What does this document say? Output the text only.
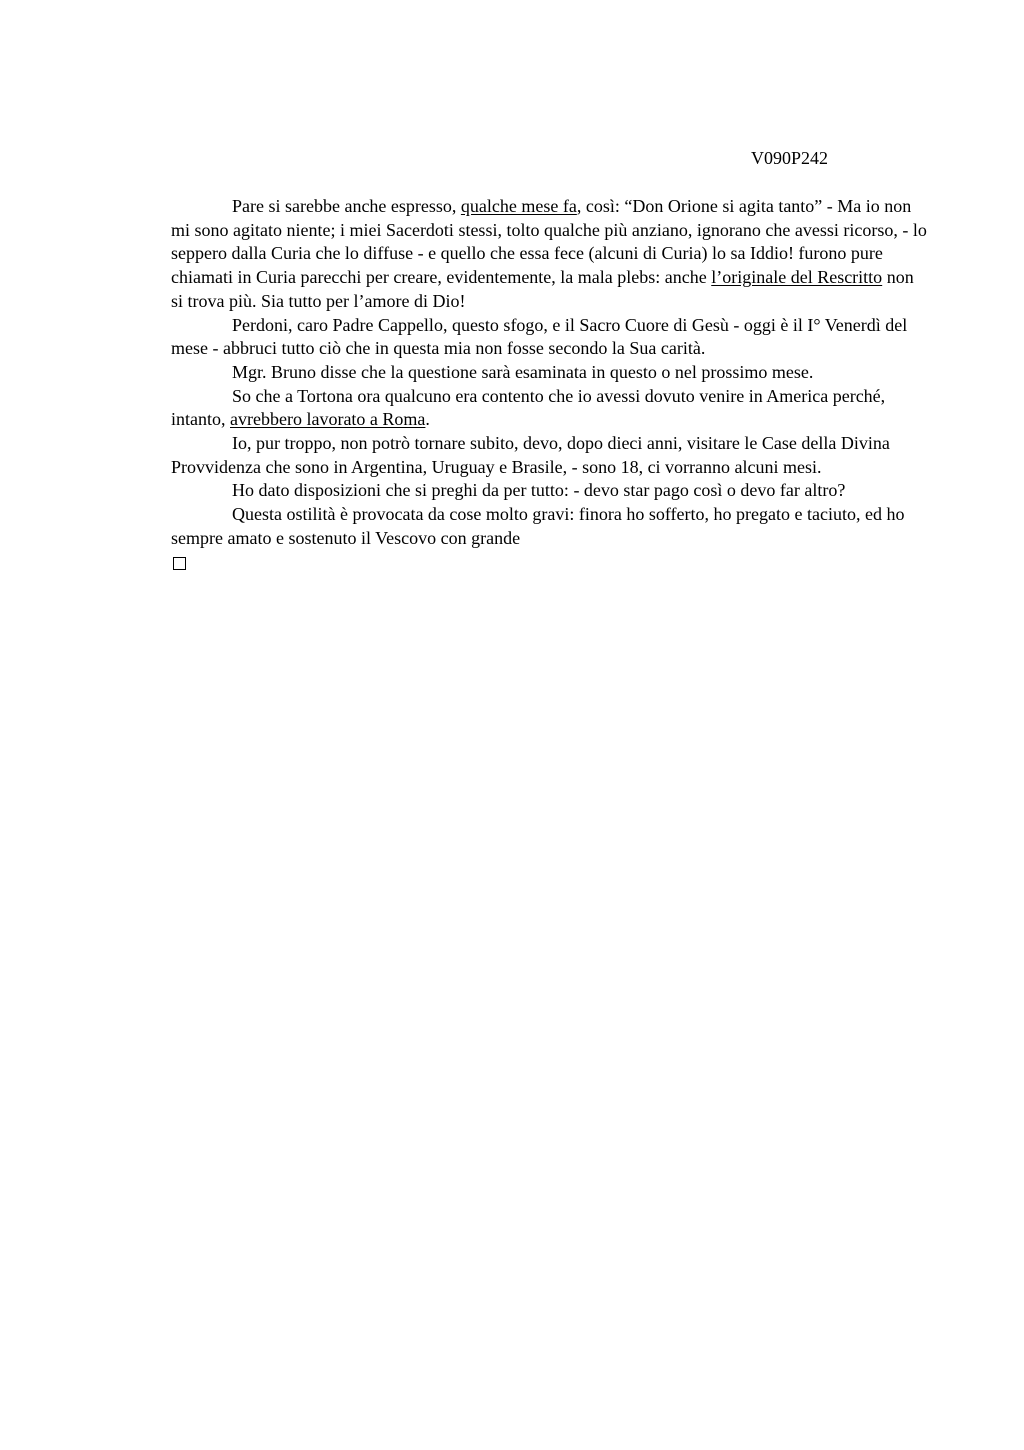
V090P242

Pare si sarebbe anche espresso, qualche mese fa, così: “Don Orione si agita tanto” - Ma io non mi sono agitato niente; i miei Sacerdoti stessi, tolto qualche più anziano, ignorano che avessi ricorso, - lo seppero dalla Curia che lo diffuse - e quello che essa fece (alcuni di Curia) lo sa Iddio! furono pure chiamati in Curia parecchi per creare, evidentemente, la mala plebs: anche l’originale del Rescritto non si trova più. Sia tutto per l’amore di Dio!

Perdoni, caro Padre Cappello, questo sfogo, e il Sacro Cuore di Gesù - oggi è il I° Venerdì del mese - abbruci tutto ciò che in questa mia non fosse secondo la Sua carità.

Mgr. Bruno disse che la questione sarà esaminata in questo o nel prossimo mese.

So che a Tortona ora qualcuno era contento che io avessi dovuto venire in America perché, intanto, avrebbero lavorato a Roma.

Io, pur troppo, non potrò tornare subito, devo, dopo dieci anni, visitare le Case della Divina Provvidenza che sono in Argentina, Uruguay e Brasile, - sono 18, ci vorranno alcuni mesi.

Ho dato disposizioni che si preghi da per tutto: - devo star pago così o devo far altro?

Questa ostilità è provocata da cose molto gravi: finora ho sofferto, ho pregato e taciuto, ed ho sempre amato e sostenuto il Vescovo con grande
